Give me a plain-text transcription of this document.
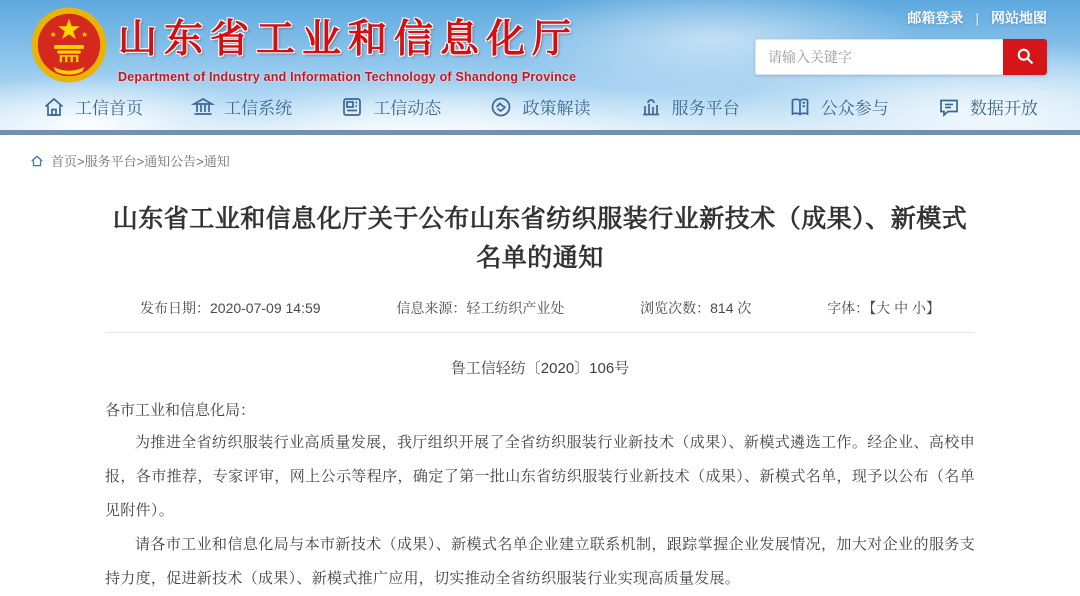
山东省工业和信息化厅
Department of Industry and Information Technology of Shandong Province
邮箱登录 | 网站地图
请输入关键字
工信首页	工信系统	工信动态	政策解读	服务平台	公众参与	数据开放
首页>服务平台>通知公告>通知
山东省工业和信息化厅关于公布山东省纺织服装行业新技术（成果）、新模式名单的通知
发布日期：2020-07-09 14:59	信息来源：轻工纺织产业处	浏览次数：814 次	字体：【大 中 小】
鲁工信轻纺〔2020〕106号
各市工业和信息化局：

为推进全省纺织服装行业高质量发展，我厅组织开展了全省纺织服装行业新技术（成果）、新模式遴选工作。经企业、高校申报，各市推荐，专家评审，网上公示等程序，确定了第一批山东省纺织服装行业新技术（成果）、新模式名单，现予以公布（名单见附件）。

请各市工业和信息化局与本市新技术（成果）、新模式名单企业建立联系机制，跟踪掌握企业发展情况，加大对企业的服务支持力度，促进新技术（成果）、新模式推广应用，切实推动全省纺织服装行业实现高质量发展。
